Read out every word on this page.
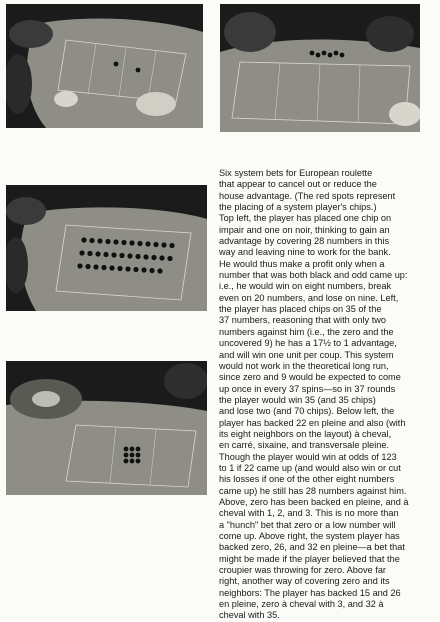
Six system bets for European roulette
that appear to cancel out or reduce the
house advantage. (The red spots represent
the placing of a system player's chips.)
Top left, the player has placed one chip on
impair and one on noir, thinking to gain an
advantage by covering 28 numbers in this
way and leaving nine to work for the bank.
He would thus make a profit only when a
number that was both black and odd came up:
i.e., he would win on eight numbers, break
even on 20 numbers, and lose on nine. Left,
the player has placed chips on 35 of the
37 numbers, reasoning that with only two
numbers against him (i.e., the zero and the
uncovered 9) he has a 17½ to 1 advantage,
and will win one unit per coup. This system
would not work in the theoretical long run,
since zero and 9 would be expected to come
up once in every 37 spins—so in 37 rounds
the player would win 35 (and 35 chips)
and lose two (and 70 chips). Below left, the
player has backed 22 en pleine and also (with
its eight neighbors on the layout) à cheval,
en carré, sixaine, and transversale pleine.
Though the player would win at odds of 123
to 1 if 22 came up (and would also win or cut
his losses if one of the other eight numbers
came up) he still has 28 numbers against him.
Above, zero has been backed en pleine, and à
cheval with 1, 2, and 3. This is no more than
a "hunch" bet that zero or a low number will
come up. Above right, the system player has
backed zero, 26, and 32 en pleine—a bet that
might be made if the player believed that the
croupier was throwing for zero. Above far
right, another way of covering zero and its
neighbors: The player has backed 15 and 26
en pleine, zero à cheval with 3, and 32 à
cheval with 35.
